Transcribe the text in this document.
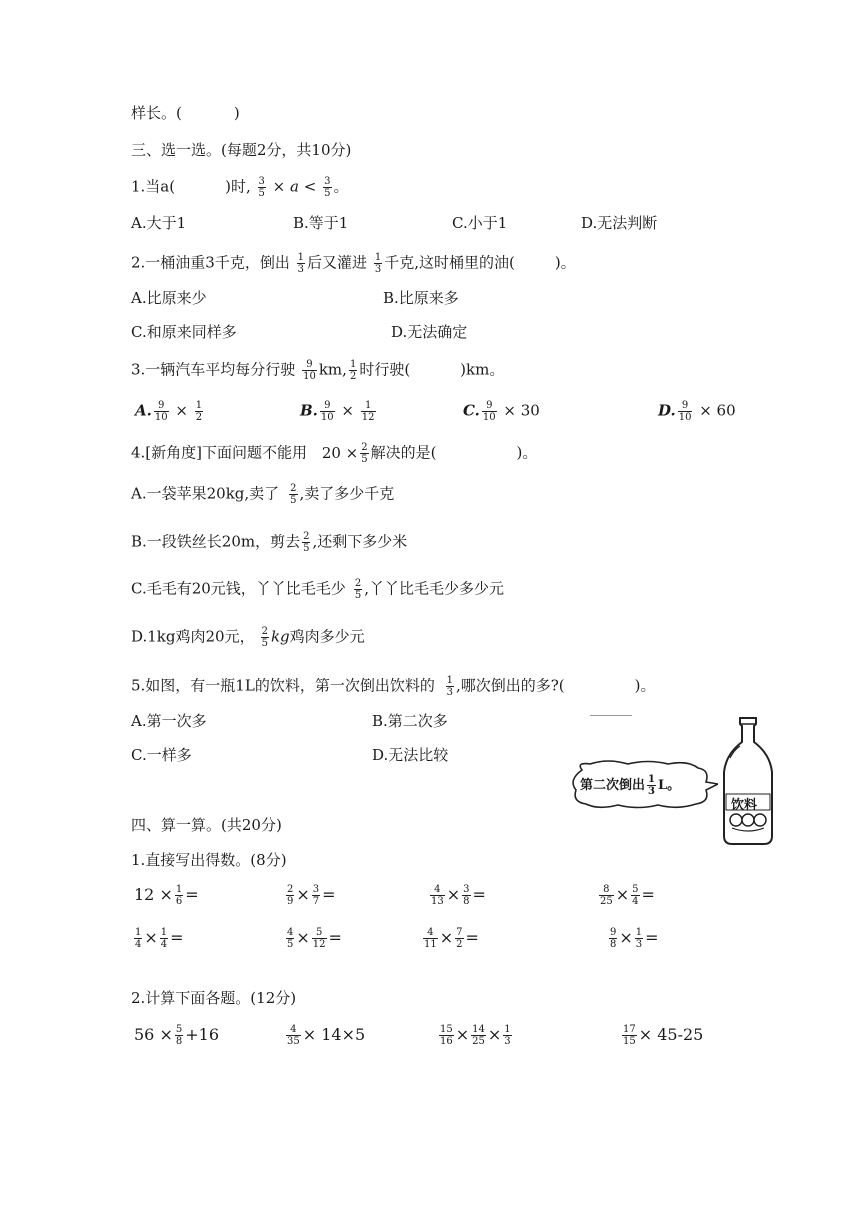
样长。(	)
三、选一选。(每题2分，共10分)
1.当a(	)时, $\frac{3}{5} \times a < \frac{3}{5}$ 。
A.大于1	B.等于1	C.小于1	D.无法判断
2.一桶油重3千克，倒出 $\frac{1}{3}$ 后又灌进 $\frac{1}{3}$ 千克,这时桶里的油(	)。
A.比原来少	B.比原来多
C.和原来同样多	D.无法确定
3.一辆汽车平均每分行驶 $\frac{9}{10}$ km, $\frac{1}{2}$ 时行驶(	)km。
A. $\frac{9}{10} \times \frac{1}{2}$	B. $\frac{9}{10} \times \frac{1}{12}$	C. $\frac{9}{10} \times 30$	D. $\frac{9}{10} \times 60$
4.[新角度]下面问题不能用 $20 \times \frac{2}{5}$ 解决的是(	)。
A.一袋苹果20kg,卖了 $\frac{2}{5}$ ,卖了多少千克
B.一段铁丝长20m，剪去 $\frac{2}{5}$ ,还剩下多少米
C.毛毛有20元钱，丫丫比毛毛少 $\frac{2}{5}$ ,丫丫比毛毛少多少元
D.1kg鸡肉20元， $\frac{2}{5}$ kg鸡肉多少元
5.如图，有一瓶1L的饮料，第一次倒出饮料的 $\frac{1}{3}$ ,哪次倒出的多?(	)。
A.第一次多	B.第二次多
C.一样多	D.无法比较
第二次倒出 $\frac{1}{3}$ L。
饮料
四、算一算。(共20分)
1.直接写出得数。(8分)
$12 \times \frac{1}{6}$ =	$\frac{2}{9} \times \frac{3}{7}$ =	$\frac{4}{13} \times \frac{3}{8}$ =	$\frac{8}{25} \times \frac{5}{4}$ =
$\frac{1}{4} \times \frac{1}{4}$ =	$\frac{4}{5} \times \frac{5}{12}$ =	$\frac{4}{11} \times \frac{7}{2}$ =	$\frac{9}{8} \times \frac{1}{3}$ =
2.计算下面各题。(12分)
$56 \times \frac{5}{8} +16$	$\frac{4}{35} \times 14\times 5$	$\frac{15}{16} \times \frac{14}{25} \times \frac{1}{3}$	$\frac{17}{15} \times 45-25$
